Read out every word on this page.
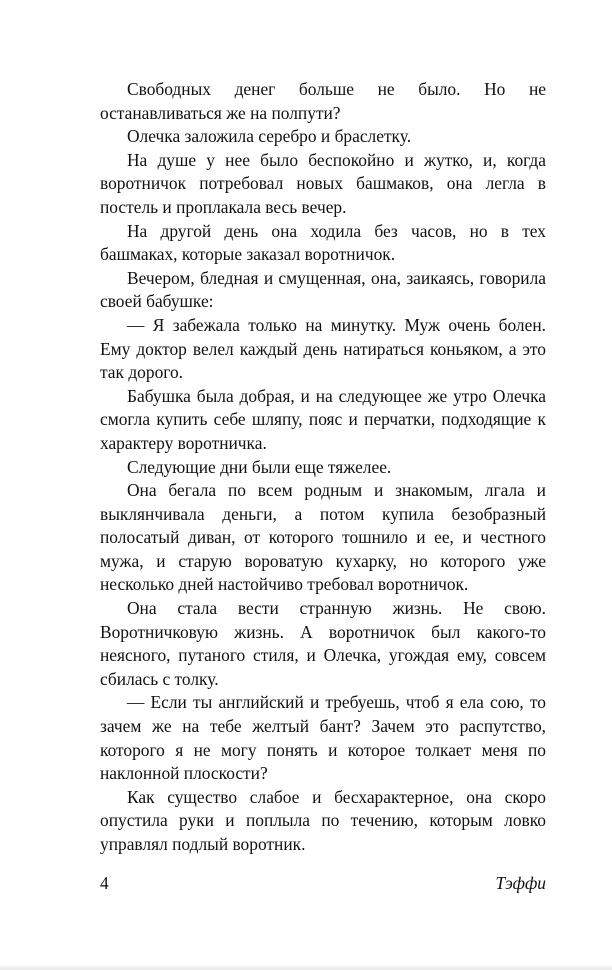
Свободных денег больше не было. Но не останавливаться же на полпути?

Олечка заложила серебро и браслетку.

На душе у нее было беспокойно и жутко, и, когда воротничок потребовал новых башмаков, она легла в постель и проплакала весь вечер.

На другой день она ходила без часов, но в тех башмаках, которые заказал воротничок.

Вечером, бледная и смущенная, она, заикаясь, говорила своей бабушке:

— Я забежала только на минутку. Муж очень болен. Ему доктор велел каждый день натираться коньяком, а это так дорого.

Бабушка была добрая, и на следующее же утро Олечка смогла купить себе шляпу, пояс и перчатки, подходящие к характеру воротничка.

Следующие дни были еще тяжелее.

Она бегала по всем родным и знакомым, лгала и выклянчивала деньги, а потом купила безобразный полосатый диван, от которого тошнило и ее, и честного мужа, и старую вороватую кухарку, но которого уже несколько дней настойчиво требовал воротничок.

Она стала вести странную жизнь. Не свою. Воротничковую жизнь. А воротничок был какого-то неясного, путаного стиля, и Олечка, угождая ему, совсем сбилась с толку.

— Если ты английский и требуешь, чтоб я ела сою, то зачем же на тебе желтый бант? Зачем это распутство, которого я не могу понять и которое толкает меня по наклонной плоскости?

Как существо слабое и бесхарактерное, она скоро опустила руки и поплыла по течению, которым ловко управлял подлый воротник.

4	Тэффи
